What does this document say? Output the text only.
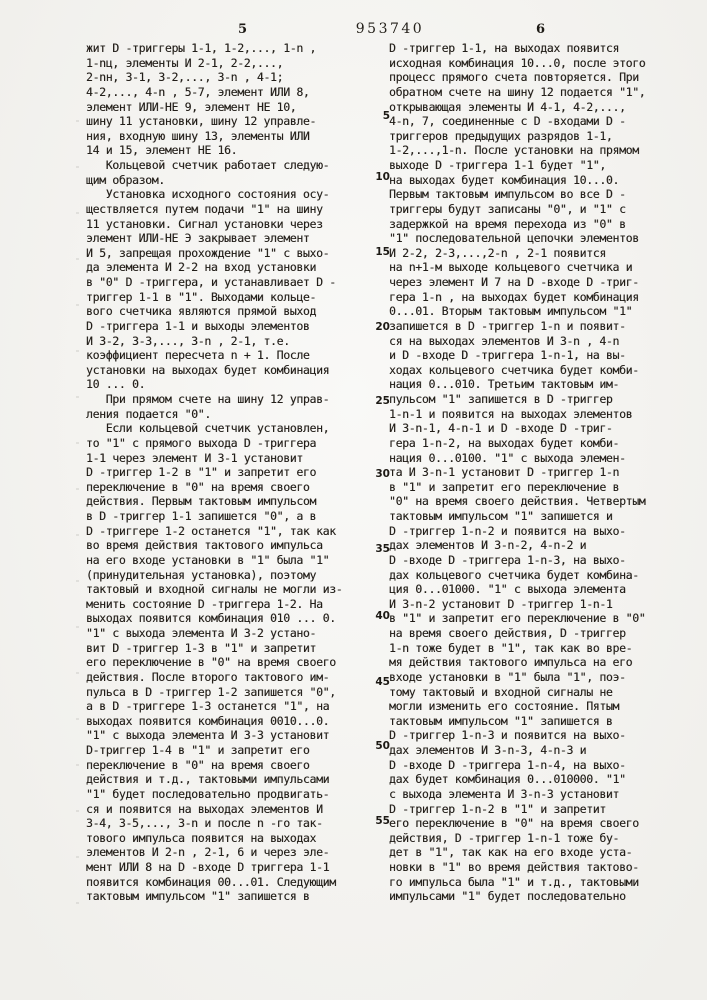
5	953740	6
жит D -триггеры 1-1, 1-2,..., 1-n ,
1-nц, элементы И 2-1, 2-2,...,
2-nн, 3-1, 3-2,..., 3-n , 4-1;
4-2,..., 4-n , 5-7, элемент ИЛИ 8,
элемент ИЛИ-НЕ 9, элемент НЕ 10,
шину 11 установки, шину 12 управле-
ния, входную шину 13, элементы ИЛИ
14 и 15, элемент НЕ 16.
Кольцевой счетчик работает следую-
щим образом.
Установка исходного состояния осу-
ществляется путем подачи "1" на шину
11 установки. Сигнал установки через
элемент ИЛИ-НЕ Э закрывает элемент
И 5, запрещая прохождение "1" с выхо-
да элемента И 2-2 на вход установки
в "0" D -триггера, и устанавливает D -
триггер 1-1 в "1". Выходами кольце-
вого счетчика являются прямой выход
D -триггера 1-1 и выходы элементов
И 3-2, 3-3,..., 3-n , 2-1, т.е.
коэффициент пересчета n + 1. После
установки на выходах будет комбинация
10 ... 0.
При прямом счете на шину 12 управ-
ления подается "0".
Если кольцевой счетчик установлен,
то "1" с прямого выхода D -триггера
1-1 через элемент И 3-1 установит
D -триггер 1-2 в "1" и запретит его
переключение в "0" на время своего
действия. Первым тактовым импульсом
в D -триггер 1-1 запишется "0", а в
D -триггере 1-2 останется "1", так как
во время действия тактового импульса
на его входе установки в "1" была "1"
(принудительная установка), поэтому
тактовый и входной сигналы не могли из-
менить состояние D -триггера 1-2. На
выходах появится комбинация 010 ... 0.
"1" с выхода элемента И 3-2 устано-
вит D -триггер 1-3 в "1" и запретит
его переключение в "0" на время своего
действия. После второго тактового им-
пульса в D -триггер 1-2 запишется "0",
а в D -триггере 1-3 останется "1", на
выходах появится комбинация 0010...0.
"1" с выхода элемента И 3-3 установит
D-триггер 1-4 в "1" и запретит его
переключение в "0" на время своего
действия и т.д., тактовыми импульсами
"1" будет последовательно продвигать-
ся и появится на выходах элементов И
3-4, 3-5,..., 3-n и после n -го так-
тового импульса появится на выходах
элементов И 2-n , 2-1, 6 и через эле-
мент ИЛИ 8 на D -входе D триггера 1-1
появится комбинация 00...01. Следующим
тактовым импульсом "1" запишется в
D -триггер 1-1, на выходах появится
исходная комбинация 10...0, после этого
процесс прямого счета повторяется. При
обратном счете на шину 12 подается "1",
открывающая элементы И 4-1, 4-2,...,
4-n, 7, соединенные с D -входами D -
триггеров предыдущих разрядов 1-1,
1-2,...,1-n. После установки на прямом
выходе D -триггера 1-1 будет "1",
на выходах будет комбинация 10...0.
Первым тактовым импульсом во все D -
триггеры будут записаны "0", и "1" с
задержкой на время перехода из "0" в
"1" последовательной цепочки элементов
И 2-2, 2-3,...,2-n , 2-1 появится
на n+1-м выходе кольцевого счетчика и
через элемент И 7 на D -входе D -триг-
гера 1-n , на выходах будет комбинация
0...01. Вторым тактовым импульсом "1"
запишется в D -триггер 1-n и появит-
ся на выходах элементов И 3-n , 4-n
и D -входе D -триггера 1-n-1, на вы-
ходах кольцевого счетчика будет комби-
нация 0...010. Третьим тактовым им-
пульсом "1" запишется в D -триггер
1-n-1 и появится на выходах элементов
И 3-n-1, 4-n-1 и D -входе D -триг-
гера 1-n-2, на выходах будет комби-
нация 0...0100. "1" с выхода элемен-
та И 3-n-1 установит D -триггер 1-n
в "1" и запретит его переключение в
"0" на время своего действия. Четвертым
тактовым импульсом "1" запишется и
D -триггер 1-n-2 и появится на выхо-
дах элементов И 3-n-2, 4-n-2 и
D -входе D -триггера 1-n-3, на выхо-
дах кольцевого счетчика будет комбина-
ция 0...01000. "1" с выхода элемента
И 3-n-2 установит D -триггер 1-n-1
в "1" и запретит его переключение в "0"
на время своего действия, D -триггер
1-n тоже будет в "1", так как во вре-
мя действия тактового импульса на его
входе установки в "1" была "1", поэ-
тому тактовый и входной сигналы не
могли изменить его состояние. Пятым
тактовым импульсом "1" запишется в
D -триггер 1-n-3 и появится на выхо-
дах элементов И 3-n-3, 4-n-3 и
D -входе D -триггера 1-n-4, на выхо-
дах будет комбинация 0...010000. "1"
с выхода элемента И 3-n-3 установит
D -триггер 1-n-2 в "1" и запретит
его переключение в "0" на время своего
действия, D -триггер 1-n-1 тоже бу-
дет в "1", так как на его входе уста-
новки в "1" во время действия тактово-
го импульса была "1" и т.д., тактовыми
импульсами "1" будет последовательно
5
10
15
20
25
30
35
40
45
50
55
